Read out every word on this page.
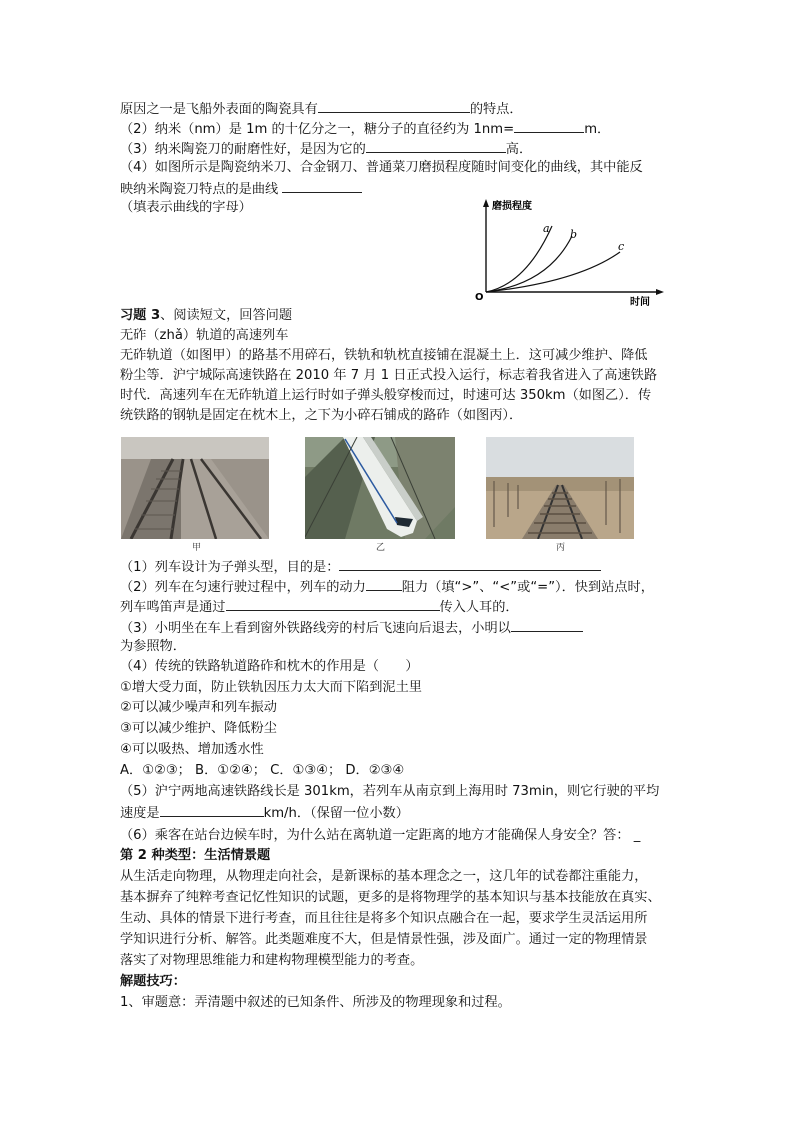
原因之一是飞船外表面的陶瓷具有	的特点．
（2）纳米（nm）是 1m 的十亿分之一，糖分子的直径约为 1nm=	m．
（3）纳米陶瓷刀的耐磨性好，是因为它的	高．
（4）如图所示是陶瓷纳米刀、合金钢刀、普通菜刀磨损程度随时间变化的曲线，其中能反
映纳米陶瓷刀特点的是曲线
（填表示曲线的字母）	磨损程度
时间
O
a b
c
习题 3、阅读短文，回答问题
无砟（zhǎ）轨道的高速列车
无砟轨道（如图甲）的路基不用碎石，铁轨和轨枕直接铺在混凝土上．这可减少维护、降低
粉尘等．沪宁城际高速铁路在 2010 年 7 月 1 日正式投入运行，标志着我省进入了高速铁路
时代．高速列车在无砟轨道上运行时如子弹头般穿梭而过，时速可达 350km（如图乙）．传
统铁路的钢轨是固定在枕木上，之下为小碎石铺成的路砟（如图丙）．
甲	乙	丙
（1）列车设计为子弹头型，目的是：
（2）列车在匀速行驶过程中，列车的动力	阻力（填“>”、“<”或“=”）．快到站点时，
列车鸣笛声是通过	传入人耳的．
（3）小明坐在车上看到窗外铁路线旁的村后飞速向后退去，小明以
为参照物．
（4）传统的铁路轨道路砟和枕木的作用是（　　）
①增大受力面，防止铁轨因压力太大而下陷到泥土里
②可以减少噪声和列车振动
③可以减少维护、降低粉尘
④可以吸热、增加透水性
A．①②③； B．①②④； C．①③④； D．②③④
（5）沪宁两地高速铁路线长是 301km，若列车从南京到上海用时 73min，则它行驶的平均
速度是	km/h．（保留一位小数）
（6）乘客在站台边候车时，为什么站在离轨道一定距离的地方才能确保人身安全？答： _
第 2 种类型：生活情景题
从生活走向物理，从物理走向社会，是新课标的基本理念之一，这几年的试卷都注重能力，
基本摒弃了纯粹考查记忆性知识的试题，更多的是将物理学的基本知识与基本技能放在真实、
生动、具体的情景下进行考查，而且往往是将多个知识点融合在一起，要求学生灵活运用所
学知识进行分析、解答。此类题难度不大，但是情景性强，涉及面广。通过一定的物理情景
落实了对物理思维能力和建构物理模型能力的考查。
解题技巧：
1、审题意：弄清题中叙述的已知条件、所涉及的物理现象和过程。
